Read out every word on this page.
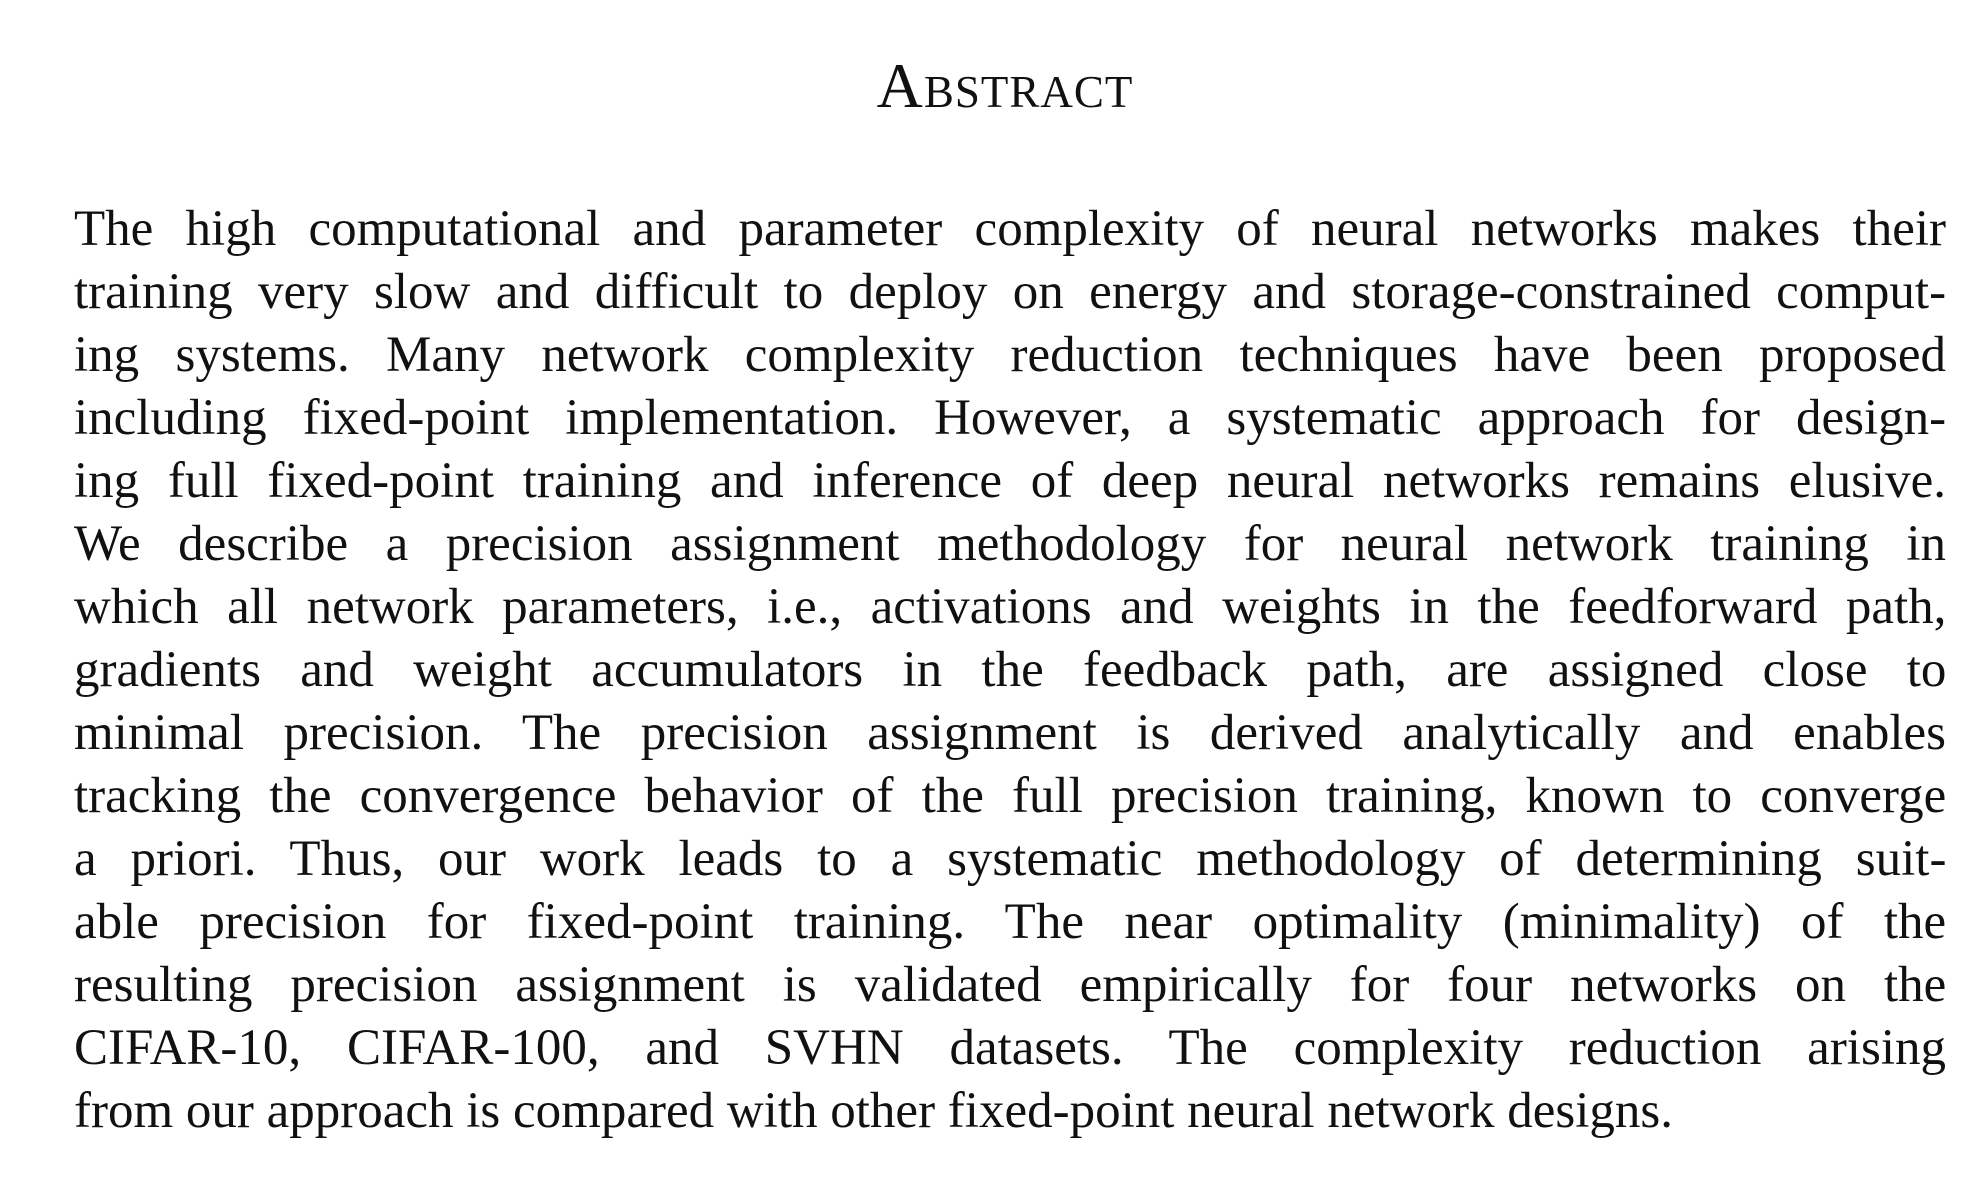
Abstract
The high computational and parameter complexity of neural networks makes their
training very slow and difficult to deploy on energy and storage-constrained comput-
ing systems. Many network complexity reduction techniques have been proposed
including fixed-point implementation. However, a systematic approach for design-
ing full fixed-point training and inference of deep neural networks remains elusive.
We describe a precision assignment methodology for neural network training in
which all network parameters, i.e., activations and weights in the feedforward path,
gradients and weight accumulators in the feedback path, are assigned close to
minimal precision. The precision assignment is derived analytically and enables
tracking the convergence behavior of the full precision training, known to converge
a priori. Thus, our work leads to a systematic methodology of determining suit-
able precision for fixed-point training. The near optimality (minimality) of the
resulting precision assignment is validated empirically for four networks on the
CIFAR-10, CIFAR-100, and SVHN datasets. The complexity reduction arising
from our approach is compared with other fixed-point neural network designs.
